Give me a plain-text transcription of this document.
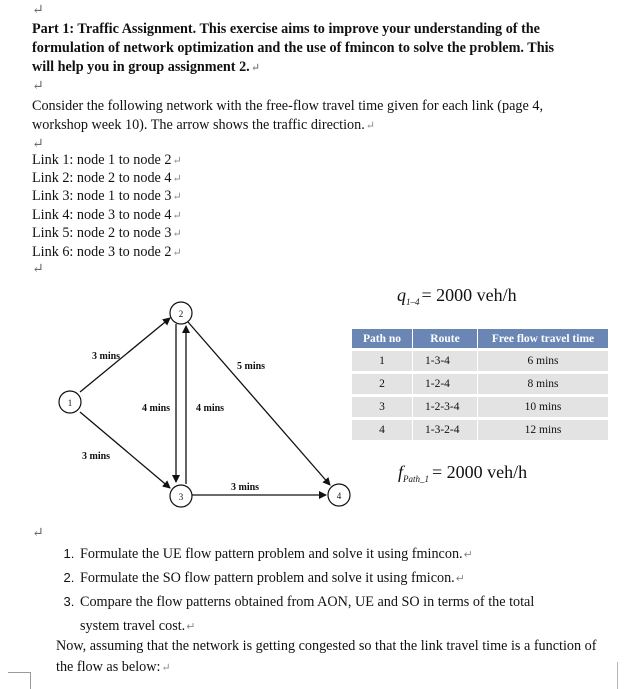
↵
Part 1: Traffic Assignment. This exercise aims to improve your understanding of the
formulation of network optimization and the use of fmincon to solve the problem. This
will help you in group assignment 2.↵
↵
Consider the following network with the free-flow travel time given for each link (page 4,
workshop week 10). The arrow shows the traffic direction.↵
↵
Link 1: node 1 to node 2↵
Link 2: node 2 to node 4↵
Link 3: node 1 to node 3↵
Link 4: node 3 to node 4↵
Link 5: node 2 to node 3↵
Link 6: node 3 to node 2↵
↵
2
1
3	4
3 mins
5 mins
3 mins
3 mins
4 mins	4 mins
$q_{1-4} = 2000$ veh/h
Path no	Route	Free flow travel time
1	1-3-4	6 mins
2	1-2-4	8 mins
3	1-2-3-4	10 mins
4	1-3-2-4	12 mins
$f_{Path\_1} = 2000$ veh/h
↵
Formulate the UE flow pattern problem and solve it using fmincon.↵
Formulate the SO flow pattern problem and solve it using fmicon.↵
Compare the flow patterns obtained from AON, UE and SO in terms of the total
system travel cost.↵
Now, assuming that the network is getting congested so that the link travel time is a function of the flow as below:↵
